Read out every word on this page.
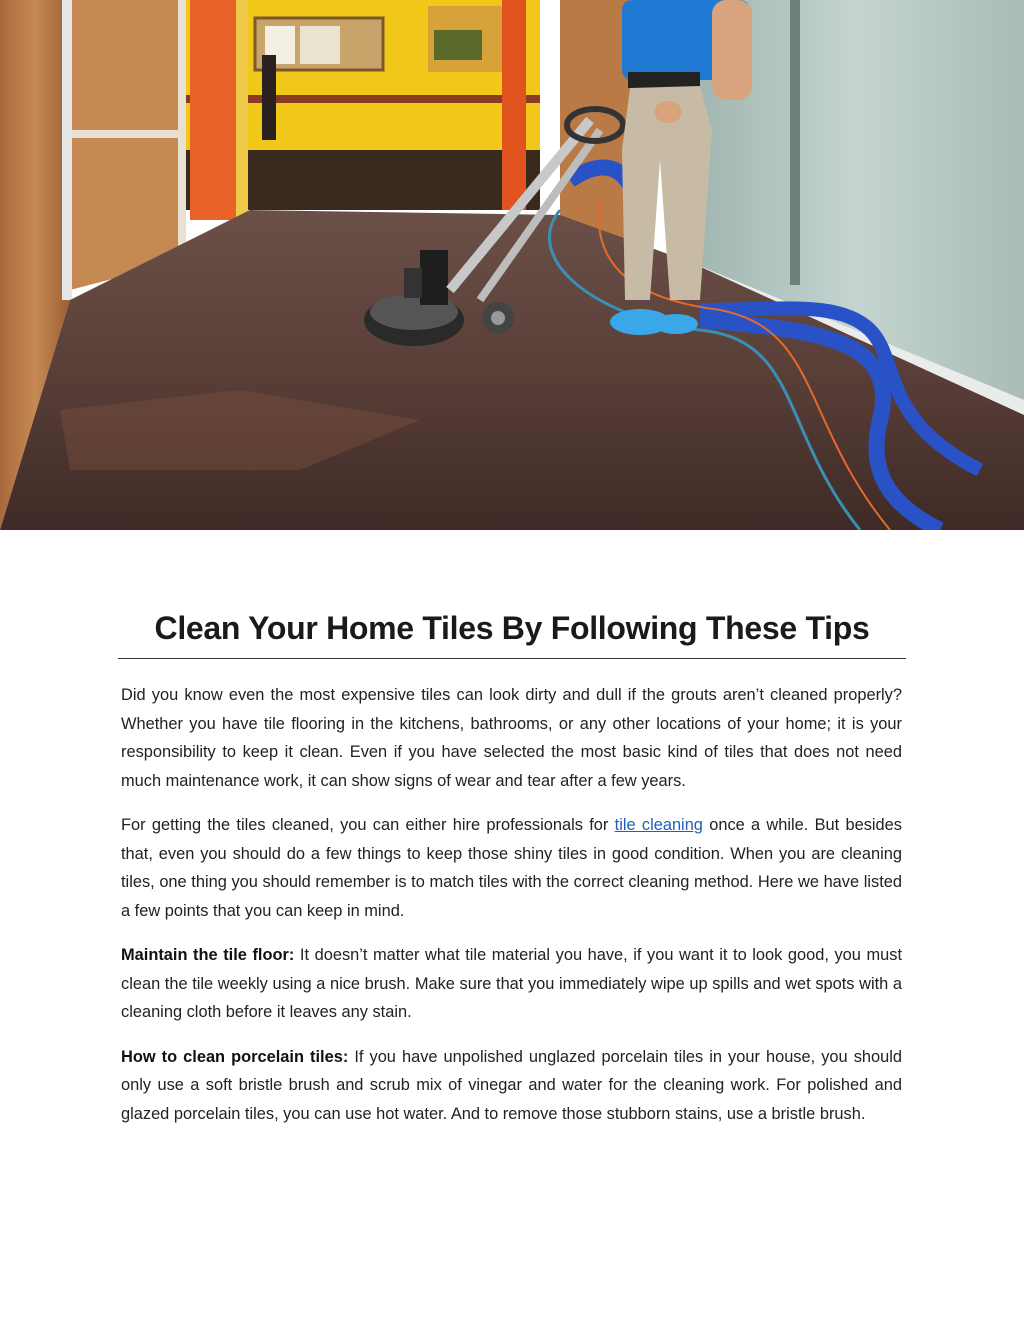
Clean Your Home Tiles By Following These Tips

Did you know even the most expensive tiles can look dirty and dull if the grouts aren’t cleaned properly? Whether you have tile flooring in the kitchens, bathrooms, or any other locations of your home; it is your responsibility to keep it clean. Even if you have selected the most basic kind of tiles that does not need much maintenance work, it can show signs of wear and tear after a few years.

For getting the tiles cleaned, you can either hire professionals for tile cleaning once a while. But besides that, even you should do a few things to keep those shiny tiles in good condition. When you are cleaning tiles, one thing you should remember is to match tiles with the correct cleaning method. Here we have listed a few points that you can keep in mind.

Maintain the tile floor: It doesn’t matter what tile material you have, if you want it to look good, you must clean the tile weekly using a nice brush. Make sure that you immediately wipe up spills and wet spots with a cleaning cloth before it leaves any stain.

How to clean porcelain tiles: If you have unpolished unglazed porcelain tiles in your house, you should only use a soft bristle brush and scrub mix of vinegar and water for the cleaning work. For polished and glazed porcelain tiles, you can use hot water. And to remove those stubborn stains, use a bristle brush.
